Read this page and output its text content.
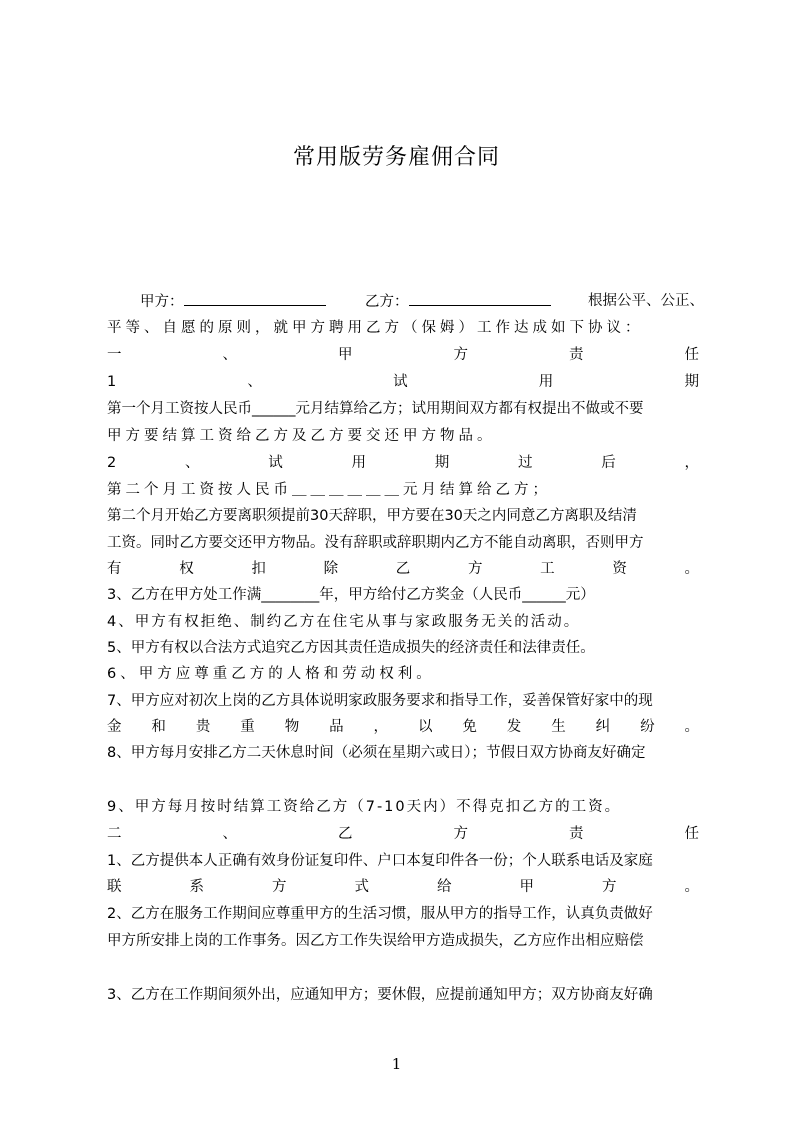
常用版劳务雇佣合同
甲方：	乙方：	根据公平、公正、
平等、自愿的原则，就甲方聘用乙方（保姆）工作达成如下协议：
一	、	甲	方	责	任
1	、	试	用	期
第一个月工资按人民币______元月结算给乙方；试用期间双方都有权提出不做或不要
甲方要结算工资给乙方及乙方要交还甲方物品。
2	、	试	用	期	过	后	，
第二个月工资按人民币＿＿＿＿＿＿元月结算给乙方；
第二个月开始乙方要离职须提前30天辞职，甲方要在30天之内同意乙方离职及结清
工资。同时乙方要交还甲方物品。没有辞职或辞职期内乙方不能自动离职，否则甲方
有	权	扣	除	乙	方	工	资	。
3、乙方在甲方处工作满________年，甲方给付乙方奖金（人民币______元）
4、甲方有权拒绝、制约乙方在住宅从事与家政服务无关的活动。
5、甲方有权以合法方式追究乙方因其责任造成损失的经济责任和法律责任。
6、甲方应尊重乙方的人格和劳动权利。
7、甲方应对初次上岗的乙方具体说明家政服务要求和指导工作，妥善保管好家中的现
金 和 贵 重 物 品 ， 以 免 发 生 纠 纷 。
8、甲方每月安排乙方二天休息时间（必须在星期六或日）；节假日双方协商友好确定
9、甲方每月按时结算工资给乙方（7-10天内）不得克扣乙方的工资。
二	、	乙	方	责	任
1、乙方提供本人正确有效身份证复印件、户口本复印件各一份；个人联系电话及家庭
联	系	方	式	给	甲	方	。
2、乙方在服务工作期间应尊重甲方的生活习惯，服从甲方的指导工作，认真负责做好
甲方所安排上岗的工作事务。因乙方工作失误给甲方造成损失，乙方应作出相应赔偿
3、乙方在工作期间须外出，应通知甲方；要休假，应提前通知甲方；双方协商友好确
1
